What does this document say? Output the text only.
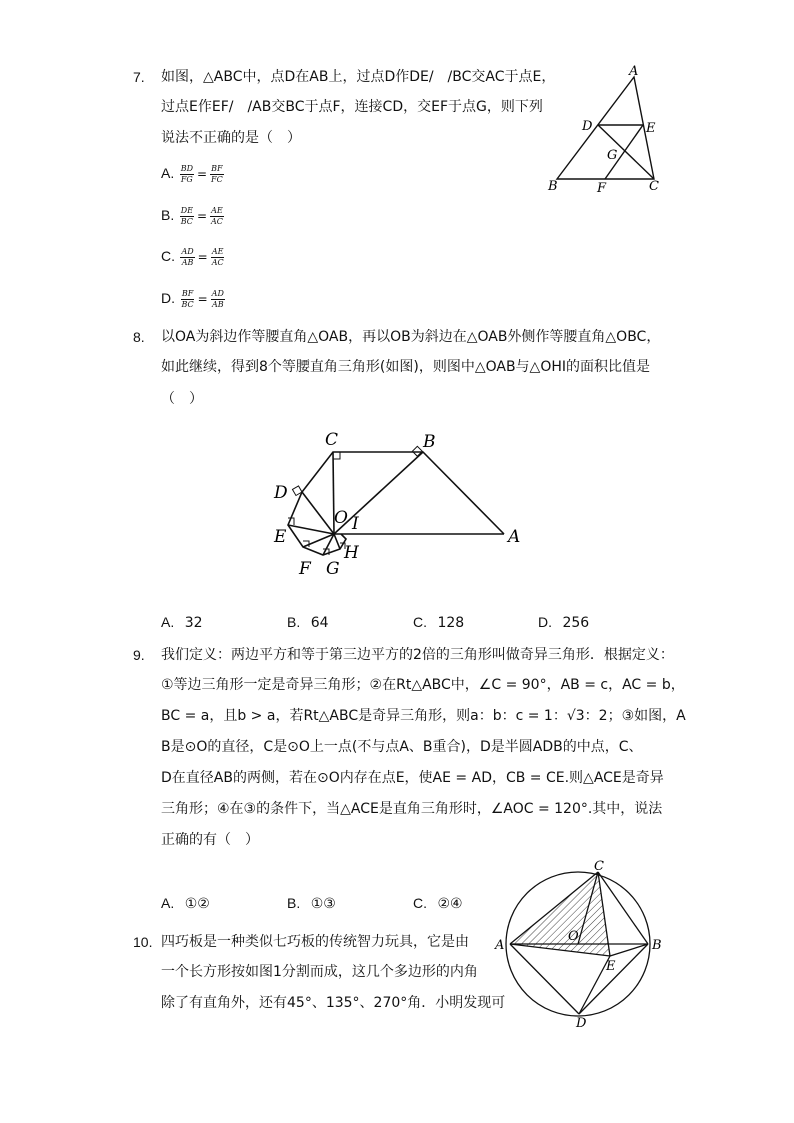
7. 如图，△ABC中，点D在AB上，过点D作DE/　/BC交AC于点E，
过点E作EF/　/AB交BC于点F，连接CD，交EF于点G，则下列
说法不正确的是（　）
A. $\frac{BD}{FG} = \frac{BF}{FC}$
B. $\frac{DE}{BC} = \frac{AE}{AC}$
C. $\frac{AD}{AB} = \frac{AE}{AC}$
D. $\frac{BF}{BC} = \frac{AD}{AB}$
A
B	C
D	E
F
G
8. 以OA为斜边作等腰直角△OAB，再以OB为斜边在△OAB外侧作等腰直角△OBC，
如此继续，得到8个等腰直角三角形(如图)，则图中△OAB与△OHI的面积比值是
（　）
C	B
A
D
E
F G
H
O I
A. 32	B. 64	C. 128	D. 256
9. 我们定义：两边平方和等于第三边平方的2倍的三角形叫做奇异三角形．根据定义：
①等边三角形一定是奇异三角形；②在Rt△ABC中，∠C = 90°，AB = c，AC = b，
BC = a，且b > a，若Rt△ABC是奇异三角形，则a：b：c = 1：√3：2；③如图，A
B是⊙O的直径，C是⊙O上一点(不与点A、B重合)，D是半圆ADB的中点，C、
D在直径AB的两侧，若在⊙O内存在点E，使AE = AD，CB = CE.则△ACE是奇异
三角形；④在③的条件下，当△ACE是直角三角形时，∠AOC = 120°.其中，说法
正确的有（　）
A. ①②	B. ①③	C. ②④
C
A	B
O
E
D
10. 四巧板是一种类似七巧板的传统智力玩具，它是由
一个长方形按如图1分割而成，这几个多边形的内角
除了有直角外，还有45°、135°、270°角．小明发现可
